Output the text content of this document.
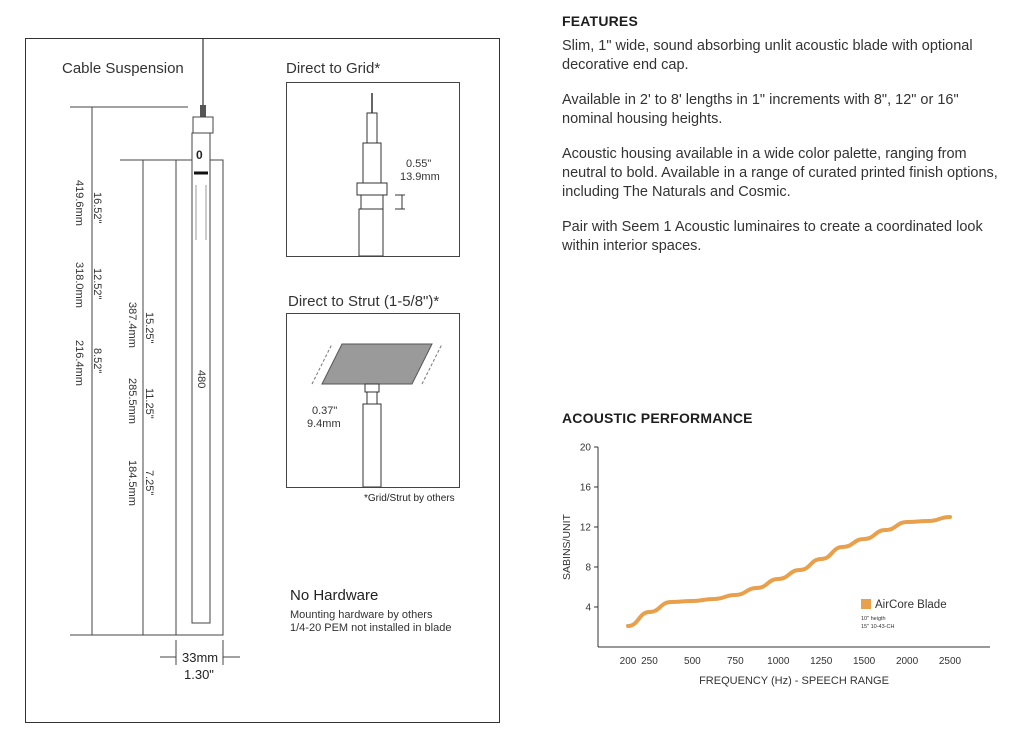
Cable Suspension
0
480
16.52"
419.6mm
12.52"
318.0mm
8.52"
216.4mm
15.25"
387.4mm
11.25"
285.5mm
7.25"
184.5mm
33mm
1.30"
Direct to Grid*
0.55"
13.9mm
Direct to Strut (1-5/8")*
0.37"
9.4mm
*Grid/Strut by others
No Hardware
Mounting hardware by others
1/4-20 PEM not installed in blade
FEATURES
Slim, 1" wide, sound absorbing unlit acoustic blade with optional decorative end cap.
Available in 2' to 8' lengths in 1" increments with 8", 12" or 16" nominal housing heights.
Acoustic housing available in a wide color palette, ranging from neutral to bold. Available in a range of curated printed finish options, including The Naturals and Cosmic.
Pair with Seem 1 Acoustic luminaires to create a coordinated look within interior spaces.
ACOUSTIC PERFORMANCE
SABINS/UNIT
FREQUENCY (Hz) - SPEECH RANGE
4
8
12
16
20
200 250	500	750 1000 1250 1500 2000 2500
AirCore Blade
10" heigth
15" 10-43-CH
